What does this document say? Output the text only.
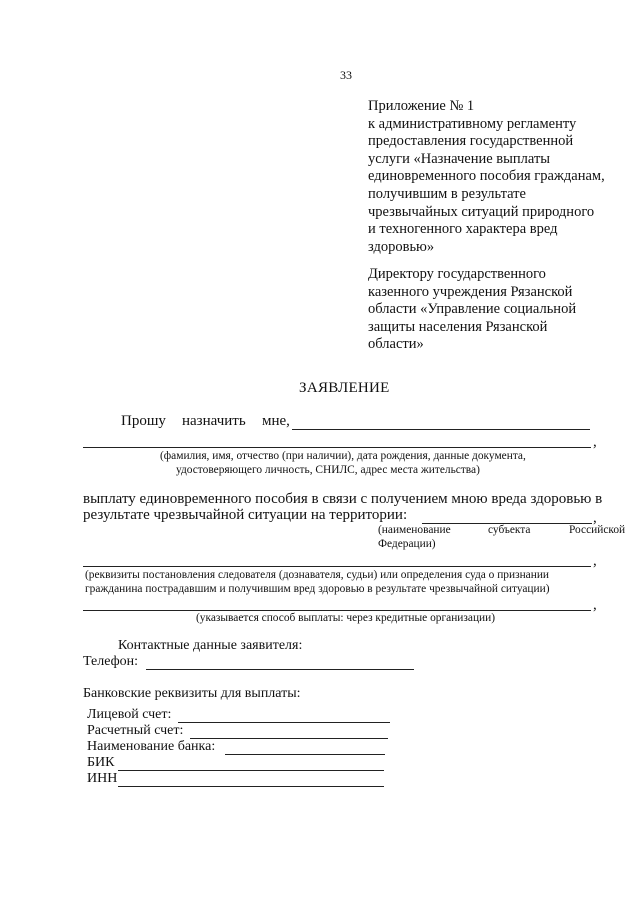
33
Приложение № 1
к административному регламенту
предоставления государственной
услуги «Назначение выплаты
единовременного пособия гражданам,
получившим в результате
чрезвычайных ситуаций природного
и техногенного характера вред
здоровью»
Директору государственного
казенного учреждения Рязанской
области «Управление социальной
защиты населения Рязанской
области»
ЗАЯВЛЕНИЕ
Прошу назначить мне,
,
(фамилия, имя, отчество (при наличии), дата рождения, данные документа,
удостоверяющего личность, СНИЛС, адрес места жительства)
выплату единовременного пособия в связи с получением мною вреда здоровью в
результате чрезвычайной ситуации на территории:	,
(наименование	субъекта	Российской
Федерации)
,
(реквизиты постановления следователя (дознавателя, судьи) или определения суда о признании
гражданина пострадавшим и получившим вред здоровью в результате чрезвычайной ситуации)
,
(указывается способ выплаты: через кредитные организации)
Контактные данные заявителя:
Телефон:
Банковские реквизиты для выплаты:
Лицевой счет:
Расчетный счет:
Наименование банка:
БИК
ИНН
